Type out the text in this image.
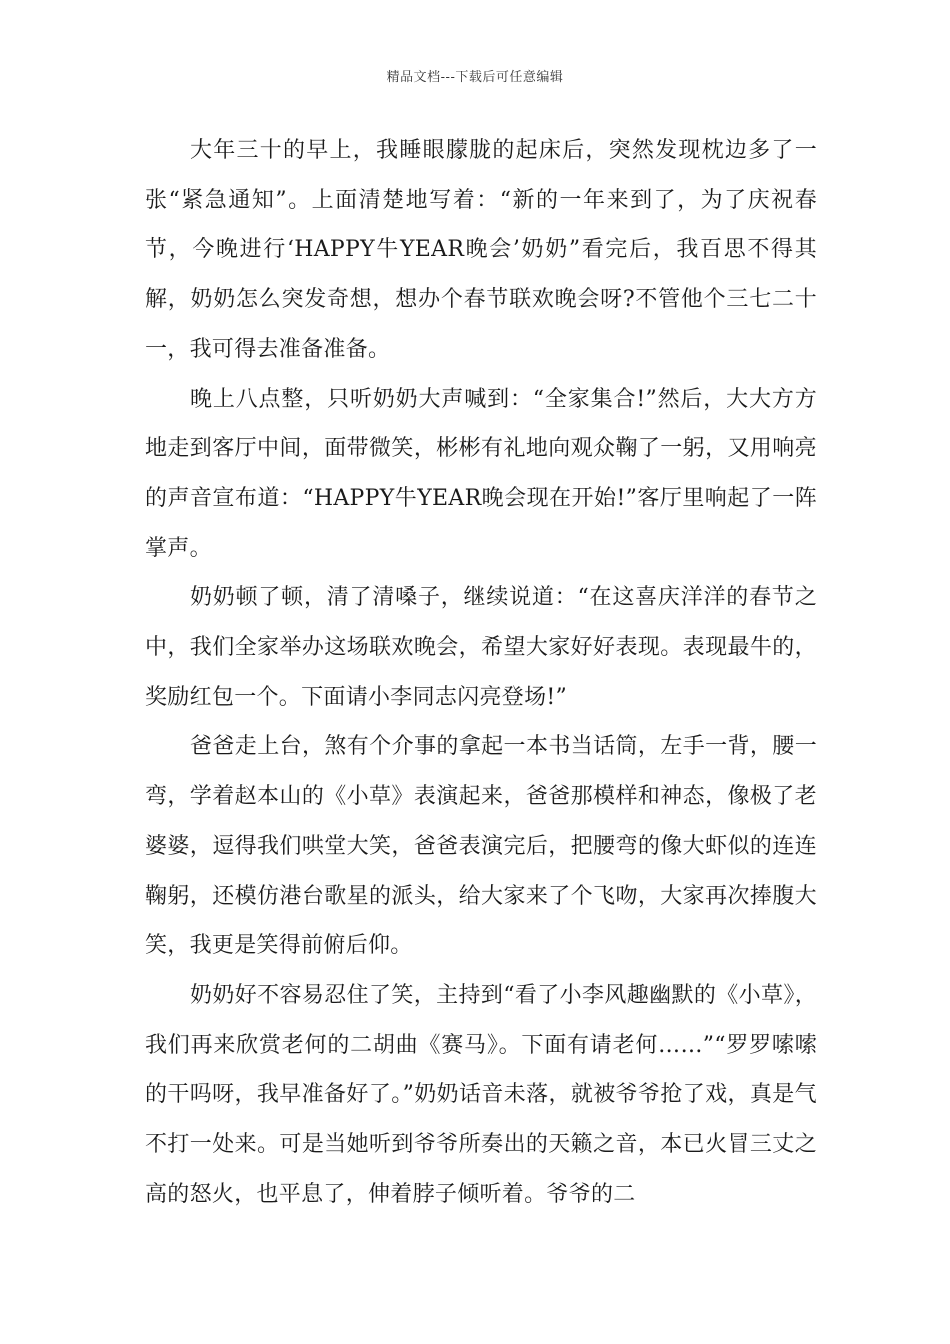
精品文档---下载后可任意编辑

大年三十的早上，我睡眼朦胧的起床后，突然发现枕边多了一张“紧急通知”。上面清楚地写着：“新的一年来到了，为了庆祝春节，今晚进行‘HAPPY牛YEAR晚会’奶奶”看完后，我百思不得其解，奶奶怎么突发奇想，想办个春节联欢晚会呀?不管他个三七二十一，我可得去准备准备。

晚上八点整，只听奶奶大声喊到：“全家集合!”然后，大大方方地走到客厅中间，面带微笑，彬彬有礼地向观众鞠了一躬，又用响亮的声音宣布道：“HAPPY牛YEAR晚会现在开始!”客厅里响起了一阵掌声。

奶奶顿了顿，清了清嗓子，继续说道：“在这喜庆洋洋的春节之中，我们全家举办这场联欢晚会，希望大家好好表现。表现最牛的，奖励红包一个。下面请小李同志闪亮登场!”

爸爸走上台，煞有个介事的拿起一本书当话筒，左手一背，腰一弯，学着赵本山的《小草》表演起来，爸爸那模样和神态，像极了老婆婆，逗得我们哄堂大笑，爸爸表演完后，把腰弯的像大虾似的连连鞠躬，还模仿港台歌星的派头，给大家来了个飞吻，大家再次捧腹大笑，我更是笑得前俯后仰。

奶奶好不容易忍住了笑，主持到“看了小李风趣幽默的《小草》，我们再来欣赏老何的二胡曲《赛马》。下面有请老何……”“罗罗嗦嗦的干吗呀，我早准备好了。”奶奶话音未落，就被爷爷抢了戏，真是气不打一处来。可是当她听到爷爷所奏出的天籁之音，本已火冒三丈之高的怒火，也平息了，伸着脖子倾听着。爷爷的二
